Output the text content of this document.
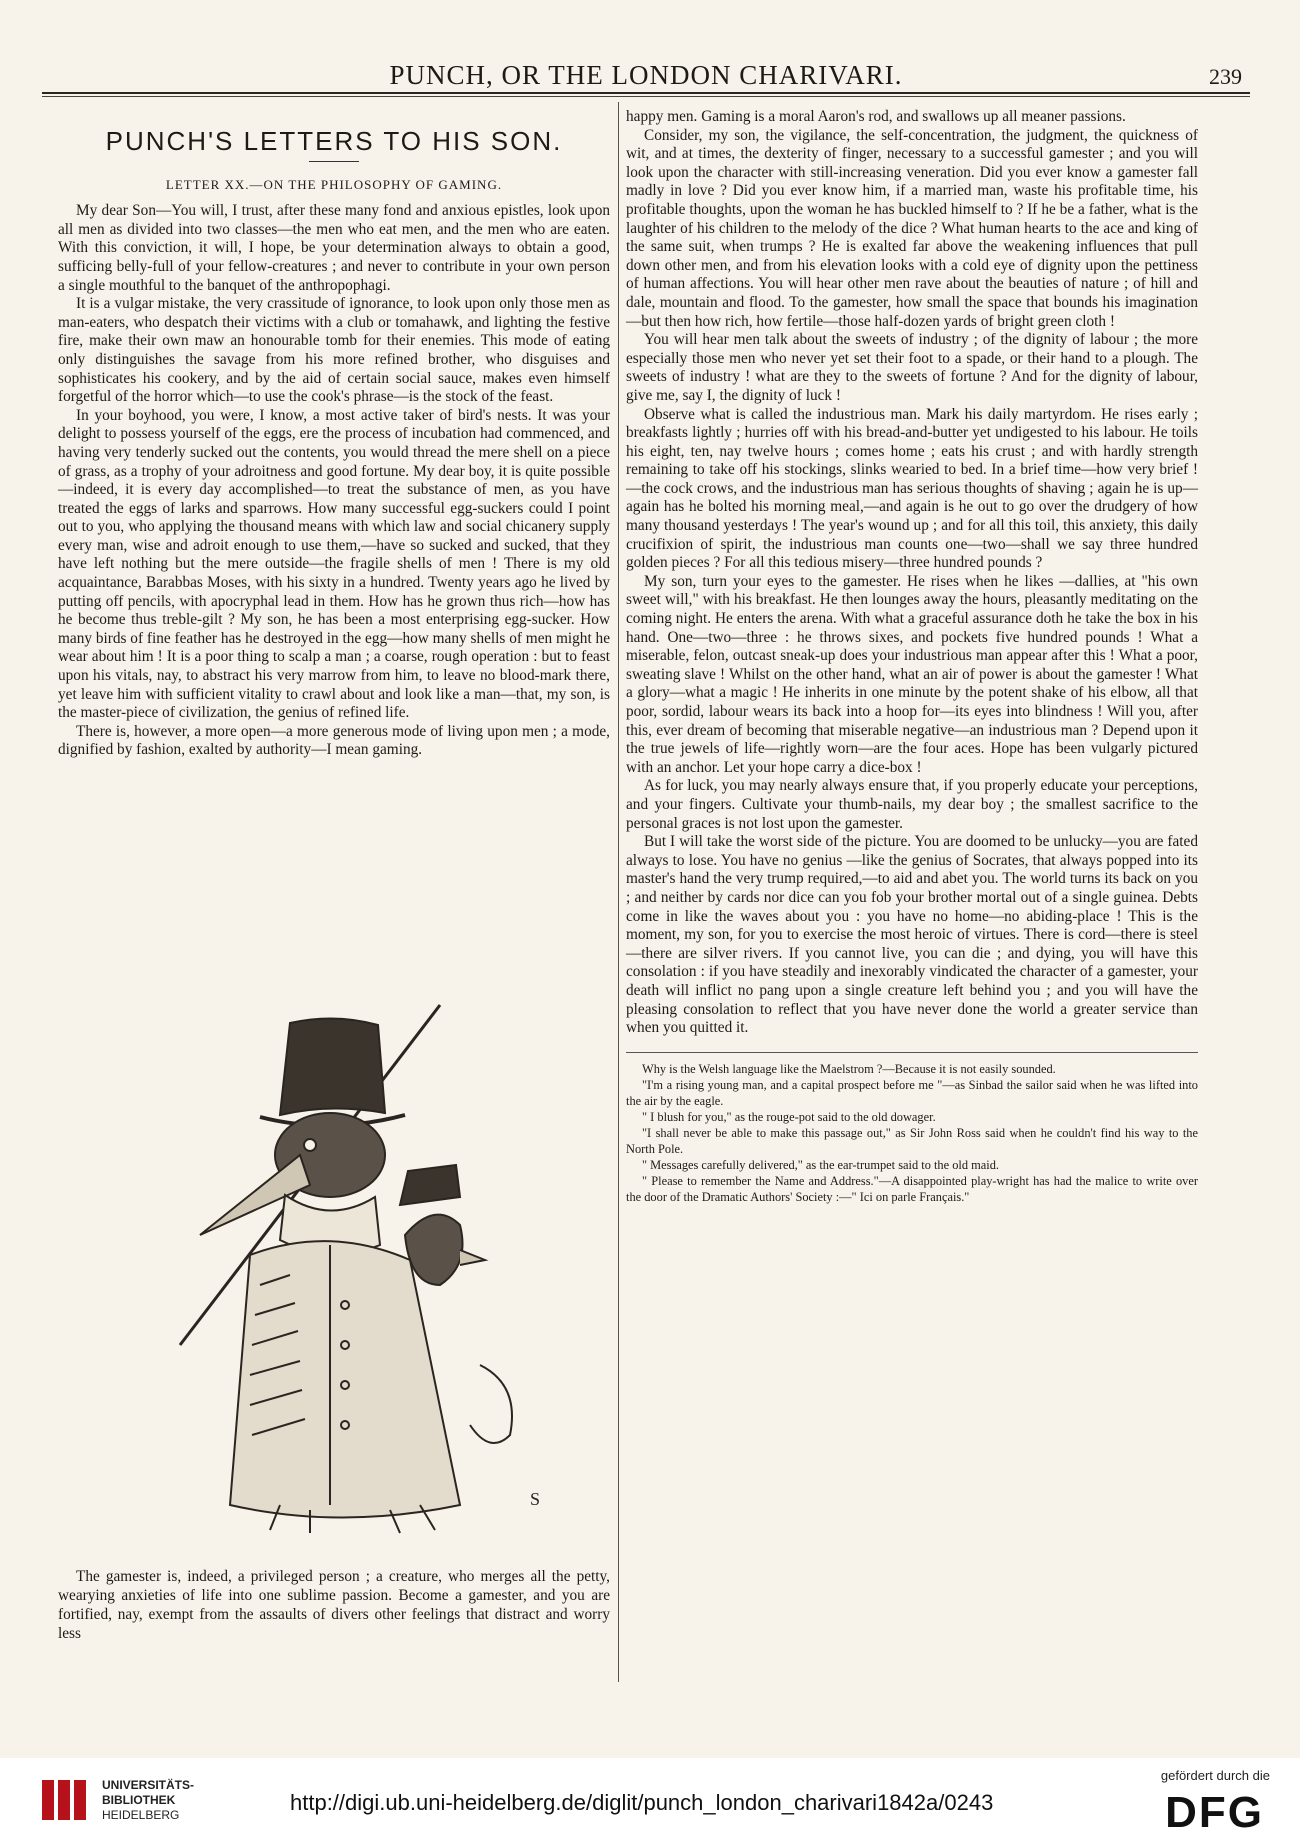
PUNCH, OR THE LONDON CHARIVARI.	239
PUNCH'S LETTERS TO HIS SON.
LETTER XX.—ON THE PHILOSOPHY OF GAMING.

My dear Son—You will, I trust, after these many fond and anxious epistles, look upon all men as divided into two classes—the men who eat men, and the men who are eaten. With this conviction, it will, I hope, be your determination always to obtain a good, sufficing belly-full of your fellow-creatures ; and never to contribute in your own person a single mouthful to the banquet of the anthropophagi.

It is a vulgar mistake, the very crassitude of ignorance, to look upon only those men as man-eaters, who despatch their victims with a club or tomahawk, and lighting the festive fire, make their own maw an honourable tomb for their enemies. This mode of eating only distinguishes the savage from his more refined brother, who disguises and sophisticates his cookery, and by the aid of certain social sauce, makes even himself forgetful of the horror which—to use the cook's phrase—is the stock of the feast.

In your boyhood, you were, I know, a most active taker of bird's nests. It was your delight to possess yourself of the eggs, ere the process of incubation had commenced, and having very tenderly sucked out the contents, you would thread the mere shell on a piece of grass, as a trophy of your adroitness and good fortune. My dear boy, it is quite possible—indeed, it is every day accomplished—to treat the substance of men, as you have treated the eggs of larks and sparrows. How many successful egg-suckers could I point out to you, who applying the thousand means with which law and social chicanery supply every man, wise and adroit enough to use them,—have so sucked and sucked, that they have left nothing but the mere outside—the fragile shells of men ! There is my old acquaintance, Barabbas Moses, with his sixty in a hundred. Twenty years ago he lived by putting off pencils, with apocryphal lead in them. How has he grown thus rich—how has he become thus treble-gilt ? My son, he has been a most enterprising egg-sucker. How many birds of fine feather has he destroyed in the egg—how many shells of men might he wear about him ! It is a poor thing to scalp a man ; a coarse, rough operation : but to feast upon his vitals, nay, to abstract his very marrow from him, to leave no blood-mark there, yet leave him with sufficient vitality to crawl about and look like a man—that, my son, is the master-piece of civilization, the genius of refined life.

There is, however, a more open—a more generous mode of living upon men ; a mode, dignified by fashion, exalted by authority—I mean gaming.

S

The gamester is, indeed, a privileged person ; a creature, who merges all the petty, wearying anxieties of life into one sublime passion. Become a gamester, and you are fortified, nay, exempt from the assaults of divers other feelings that distract and worry less

happy men. Gaming is a moral Aaron's rod, and swallows up all meaner passions.

Consider, my son, the vigilance, the self-concentration, the judgment, the quickness of wit, and at times, the dexterity of finger, necessary to a successful gamester ; and you will look upon the character with still-increasing veneration. Did you ever know a gamester fall madly in love ? Did you ever know him, if a married man, waste his profitable time, his profitable thoughts, upon the woman he has buckled himself to ? If he be a father, what is the laughter of his children to the melody of the dice ? What human hearts to the ace and king of the same suit, when trumps ? He is exalted far above the weakening influences that pull down other men, and from his elevation looks with a cold eye of dignity upon the pettiness of human affections. You will hear other men rave about the beauties of nature ; of hill and dale, mountain and flood. To the gamester, how small the space that bounds his imagination—but then how rich, how fertile—those half-dozen yards of bright green cloth !

You will hear men talk about the sweets of industry ; of the dignity of labour ; the more especially those men who never yet set their foot to a spade, or their hand to a plough. The sweets of industry ! what are they to the sweets of fortune ? And for the dignity of labour, give me, say I, the dignity of luck !

Observe what is called the industrious man. Mark his daily martyrdom. He rises early ; breakfasts lightly ; hurries off with his bread-and-butter yet undigested to his labour. He toils his eight, ten, nay twelve hours ; comes home ; eats his crust ; and with hardly strength remaining to take off his stockings, slinks wearied to bed. In a brief time—how very brief !—the cock crows, and the industrious man has serious thoughts of shaving ; again he is up—again has he bolted his morning meal,—and again is he out to go over the drudgery of how many thousand yesterdays ! The year's wound up ; and for all this toil, this anxiety, this daily crucifixion of spirit, the industrious man counts one—two—shall we say three hundred golden pieces ? For all this tedious misery—three hundred pounds ?

My son, turn your eyes to the gamester. He rises when he likes —dallies, at "his own sweet will," with his breakfast. He then lounges away the hours, pleasantly meditating on the coming night. He enters the arena. With what a graceful assurance doth he take the box in his hand. One—two—three : he throws sixes, and pockets five hundred pounds ! What a miserable, felon, outcast sneak-up does your industrious man appear after this ! What a poor, sweating slave ! Whilst on the other hand, what an air of power is about the gamester ! What a glory—what a magic ! He inherits in one minute by the potent shake of his elbow, all that poor, sordid, labour wears its back into a hoop for—its eyes into blindness ! Will you, after this, ever dream of becoming that miserable negative—an industrious man ? Depend upon it the true jewels of life—rightly worn—are the four aces. Hope has been vulgarly pictured with an anchor. Let your hope carry a dice-box !

As for luck, you may nearly always ensure that, if you properly educate your perceptions, and your fingers. Cultivate your thumb-nails, my dear boy ; the smallest sacrifice to the personal graces is not lost upon the gamester.

But I will take the worst side of the picture. You are doomed to be unlucky—you are fated always to lose. You have no genius —like the genius of Socrates, that always popped into its master's hand the very trump required,—to aid and abet you. The world turns its back on you ; and neither by cards nor dice can you fob your brother mortal out of a single guinea. Debts come in like the waves about you : you have no home—no abiding-place ! This is the moment, my son, for you to exercise the most heroic of virtues. There is cord—there is steel—there are silver rivers. If you cannot live, you can die ; and dying, you will have this consolation : if you have steadily and inexorably vindicated the character of a gamester, your death will inflict no pang upon a single creature left behind you ; and you will have the pleasing consolation to reflect that you have never done the world a greater service than when you quitted it.

Why is the Welsh language like the Maelstrom ?—Because it is not easily sounded.

"I'm a rising young man, and a capital prospect before me "—as Sinbad the sailor said when he was lifted into the air by the eagle.

" I blush for you," as the rouge-pot said to the old dowager.

"I shall never be able to make this passage out," as Sir John Ross said when he couldn't find his way to the North Pole.

" Messages carefully delivered," as the ear-trumpet said to the old maid.

" Please to remember the Name and Address."—A disappointed play-wright has had the malice to write over the door of the Dramatic Authors' Society :—" Ici on parle Français."

UNIVERSITÄTS-
BIBLIOTHEK
HEIDELBERG	http://digi.ub.uni-heidelberg.de/diglit/punch_london_charivari1842a/0243
gefördert durch die
DFG
